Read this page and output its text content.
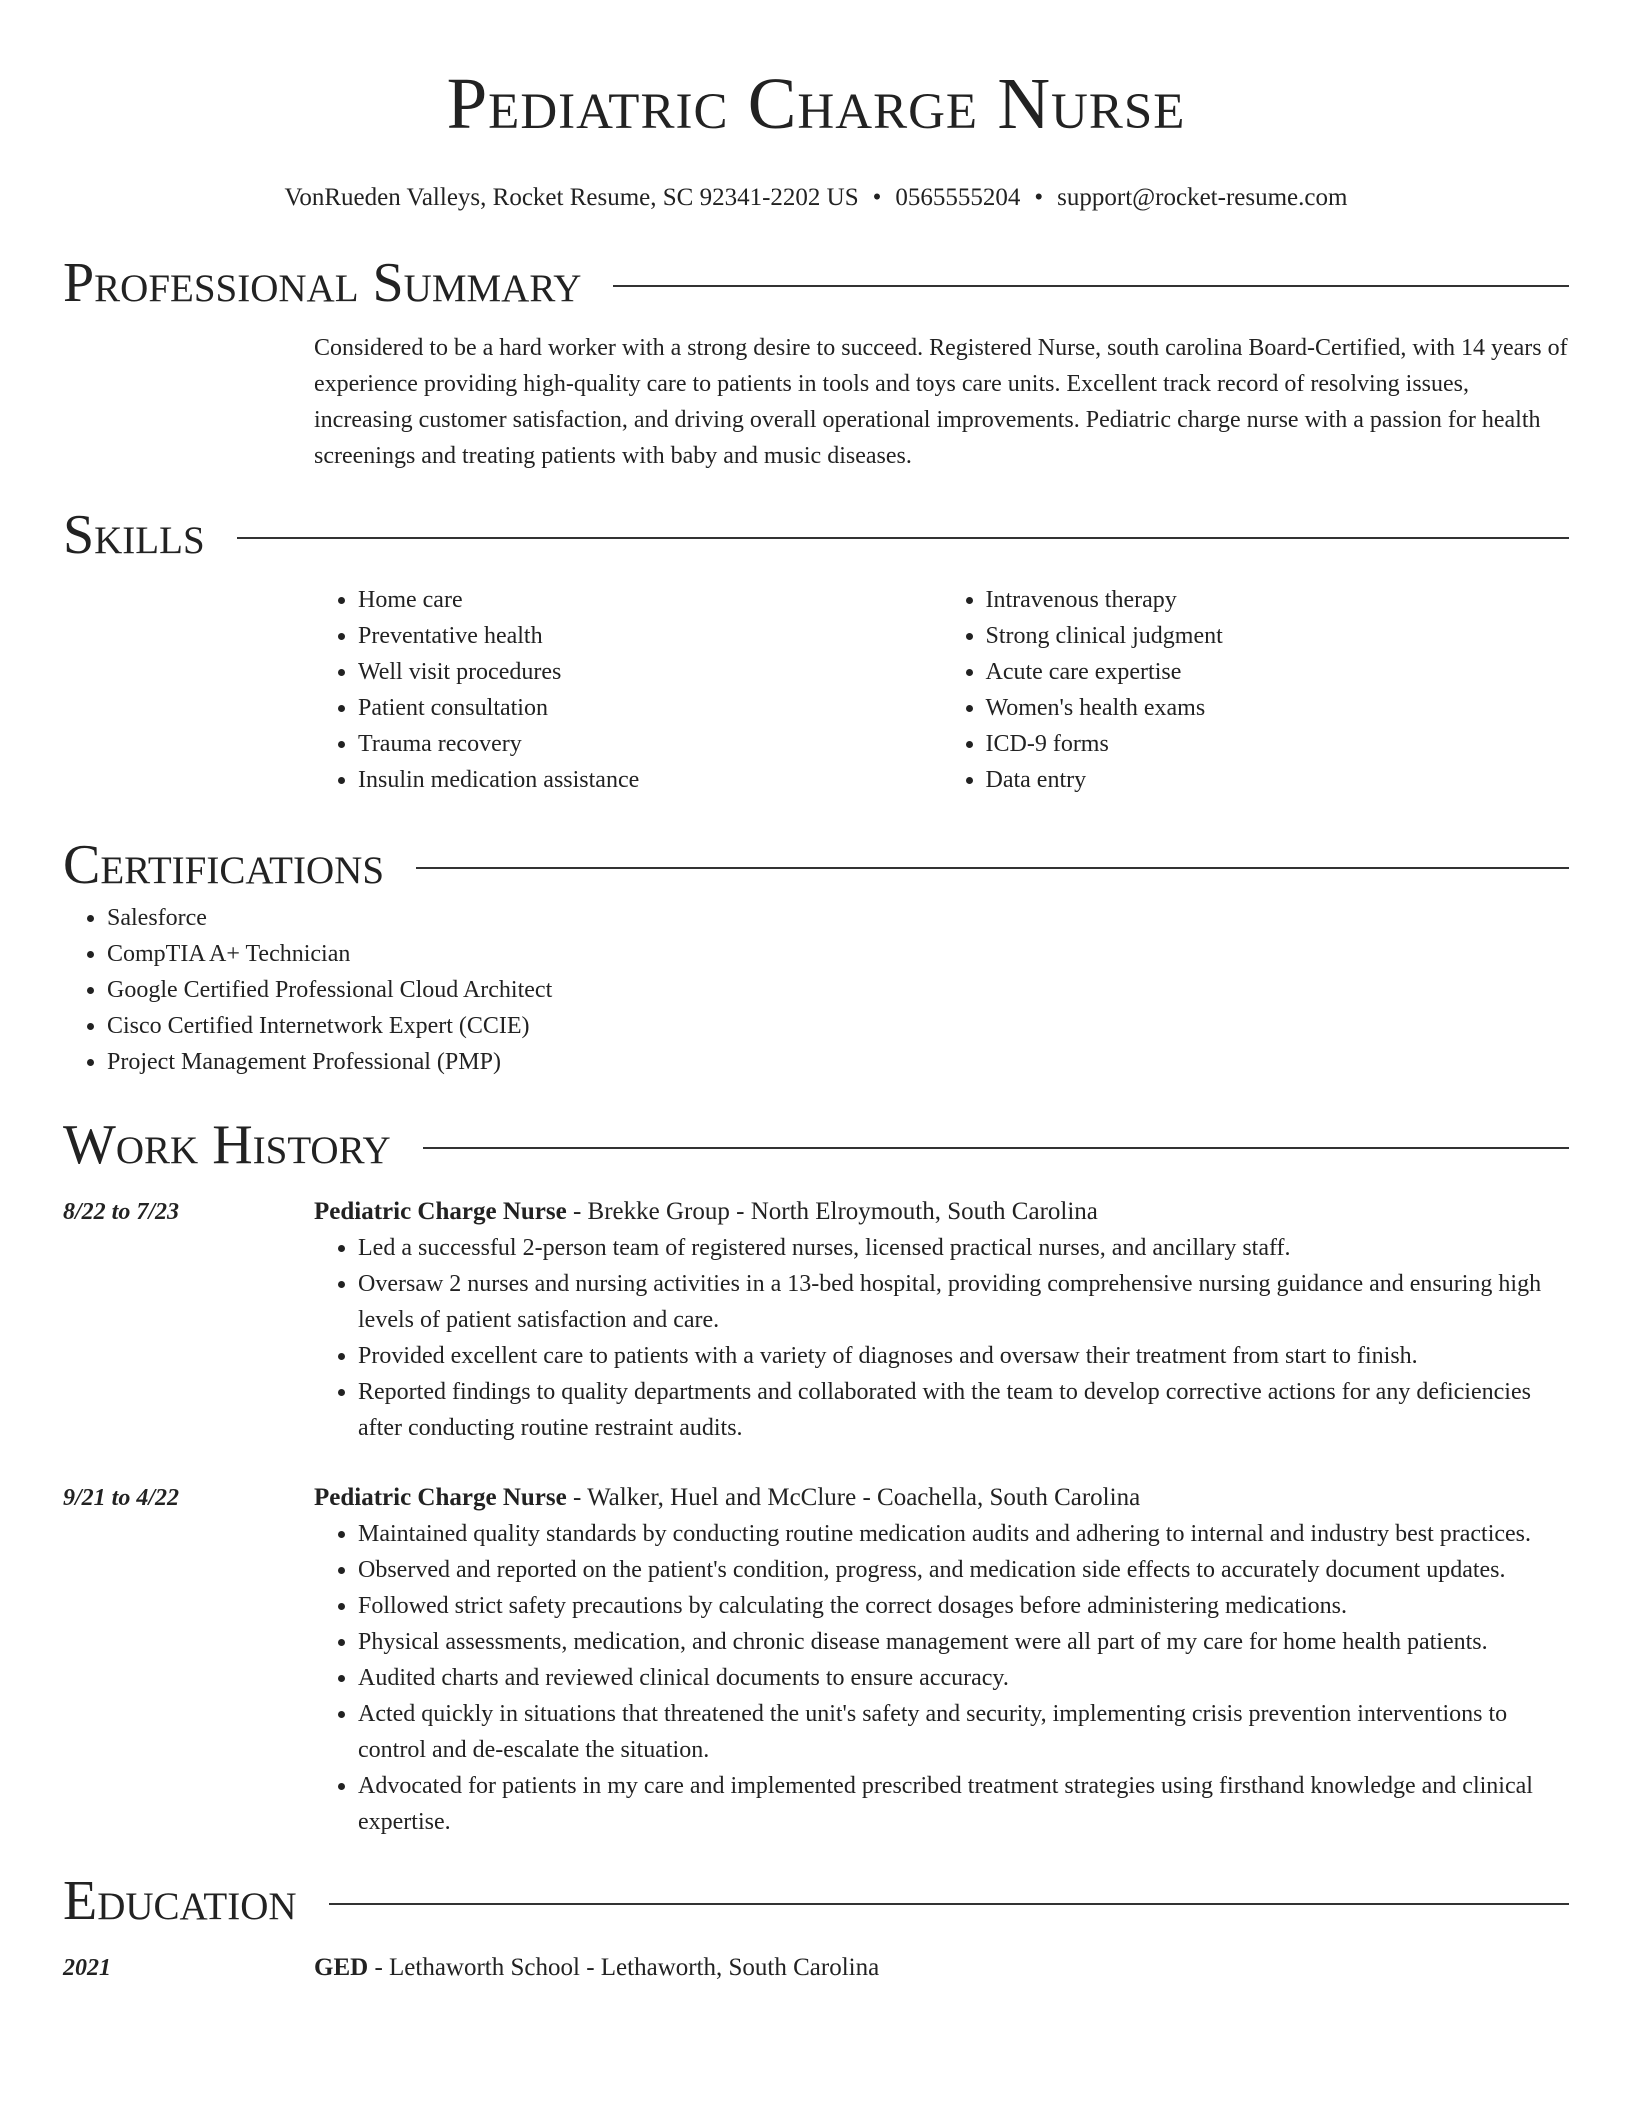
Pediatric Charge Nurse
VonRueden Valleys, Rocket Resume, SC 92341-2202 US • 0565555204 • support@rocket-resume.com
Professional Summary
Considered to be a hard worker with a strong desire to succeed. Registered Nurse, south carolina Board-Certified, with 14 years of experience providing high-quality care to patients in tools and toys care units. Excellent track record of resolving issues, increasing customer satisfaction, and driving overall operational improvements. Pediatric charge nurse with a passion for health screenings and treating patients with baby and music diseases.
Skills
• Home care
• Preventative health
• Well visit procedures
• Patient consultation
• Trauma recovery
• Insulin medication assistance
• Intravenous therapy
• Strong clinical judgment
• Acute care expertise
• Women's health exams
• ICD-9 forms
• Data entry
Certifications
• Salesforce
• CompTIA A+ Technician
• Google Certified Professional Cloud Architect
• Cisco Certified Internetwork Expert (CCIE)
• Project Management Professional (PMP)
Work History
8/22 to 7/23	Pediatric Charge Nurse - Brekke Group - North Elroymouth, South Carolina
• Led a successful 2-person team of registered nurses, licensed practical nurses, and ancillary staff.
• Oversaw 2 nurses and nursing activities in a 13-bed hospital, providing comprehensive nursing guidance and ensuring high levels of patient satisfaction and care.
• Provided excellent care to patients with a variety of diagnoses and oversaw their treatment from start to finish.
• Reported findings to quality departments and collaborated with the team to develop corrective actions for any deficiencies after conducting routine restraint audits.
9/21 to 4/22	Pediatric Charge Nurse - Walker, Huel and McClure - Coachella, South Carolina
• Maintained quality standards by conducting routine medication audits and adhering to internal and industry best practices.
• Observed and reported on the patient's condition, progress, and medication side effects to accurately document updates.
• Followed strict safety precautions by calculating the correct dosages before administering medications.
• Physical assessments, medication, and chronic disease management were all part of my care for home health patients.
• Audited charts and reviewed clinical documents to ensure accuracy.
• Acted quickly in situations that threatened the unit's safety and security, implementing crisis prevention interventions to control and de-escalate the situation.
• Advocated for patients in my care and implemented prescribed treatment strategies using firsthand knowledge and clinical expertise.
Education
2021	GED - Lethaworth School - Lethaworth, South Carolina
